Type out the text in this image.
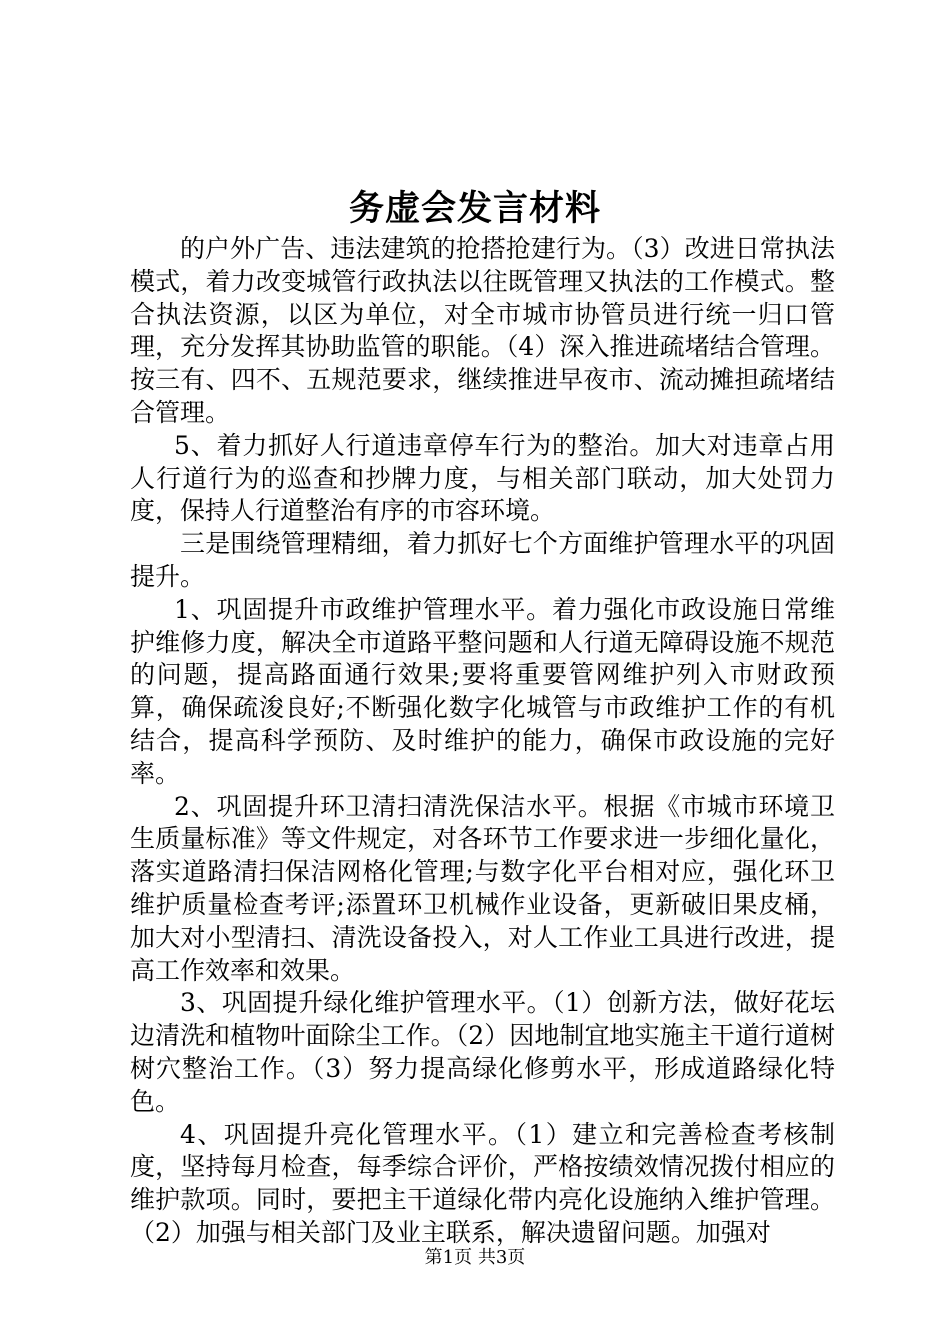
务虚会发言材料

的户外广告、违法建筑的抢搭抢建行为。（3）改进日常执法模式，着力改变城管行政执法以往既管理又执法的工作模式。整合执法资源，以区为单位，对全市城市协管员进行统一归口管理，充分发挥其协助监管的职能。（4）深入推进疏堵结合管理。按三有、四不、五规范要求，继续推进早夜市、流动摊担疏堵结合管理。

5、着力抓好人行道违章停车行为的整治。加大对违章占用人行道行为的巡查和抄牌力度，与相关部门联动，加大处罚力度，保持人行道整治有序的市容环境。

三是围绕管理精细，着力抓好七个方面维护管理水平的巩固提升。

1、巩固提升市政维护管理水平。着力强化市政设施日常维护维修力度，解决全市道路平整问题和人行道无障碍设施不规范的问题，提高路面通行效果;要将重要管网维护列入市财政预算，确保疏浚良好;不断强化数字化城管与市政维护工作的有机结合，提高科学预防、及时维护的能力，确保市政设施的完好率。

2、巩固提升环卫清扫清洗保洁水平。根据《市城市环境卫生质量标准》等文件规定，对各环节工作要求进一步细化量化，落实道路清扫保洁网格化管理;与数字化平台相对应，强化环卫维护质量检查考评;添置环卫机械作业设备，更新破旧果皮桶，加大对小型清扫、清洗设备投入，对人工作业工具进行改进，提高工作效率和效果。

3、巩固提升绿化维护管理水平。（1）创新方法，做好花坛边清洗和植物叶面除尘工作。（2）因地制宜地实施主干道行道树树穴整治工作。（3）努力提高绿化修剪水平，形成道路绿化特色。

4、巩固提升亮化管理水平。（1）建立和完善检查考核制度，坚持每月检查，每季综合评价，严格按绩效情况拨付相应的维护款项。同时，要把主干道绿化带内亮化设施纳入维护管理。（2）加强与相关部门及业主联系，解决遗留问题。加强对

第1页 共3页
